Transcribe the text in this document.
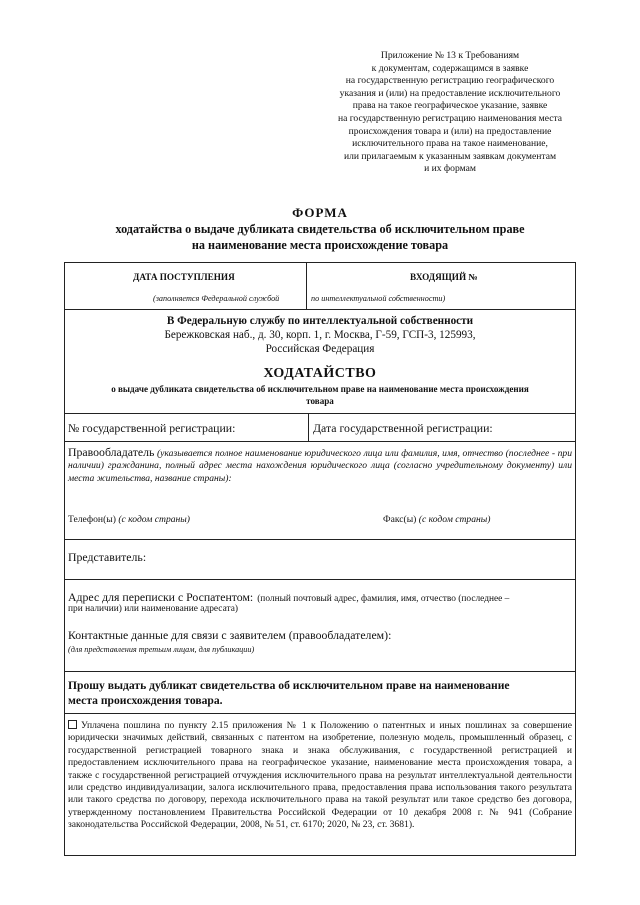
Приложение № 13 к Требованиям
к документам, содержащимся в заявке
на государственную регистрацию географического
указания и (или) на предоставление исключительного
права на такое географическое указание, заявке
на государственную регистрацию наименования места
происхождения товара и (или) на предоставление
исключительного права на такое наименование,
или прилагаемым к указанным заявкам документам
и их формам
ФОРМА
ходатайства о выдаче дубликата свидетельства об исключительном праве
на наименование места происхождение товара
ДАТА ПОСТУПЛЕНИЯ	ВХОДЯЩИЙ №
(заполняется Федеральной службой	по интеллектуальной собственности)
В Федеральную службу по интеллектуальной собственности
Бережковская наб., д. 30, корп. 1, г. Москва, Г-59, ГСП-3, 125993,
Российская Федерация
ХОДАТАЙСТВО
о выдаче дубликата свидетельства об исключительном праве на наименование места происхождения
товара
№ государственной регистрации:	Дата государственной регистрации:
Правообладатель (указывается полное наименование юридического лица или фамилия, имя, отчество (последнее - при наличии) гражданина, полный адрес места нахождения юридического лица (согласно учредительному документу) или места жительства, название страны):
Телефон(ы) (с кодом страны)	Факс(ы) (с кодом страны)
Представитель:
Адрес для переписки с Роспатентом: (полный почтовый адрес, фамилия, имя, отчество (последнее –
при наличии) или наименование адресата)
Контактные данные для связи с заявителем (правообладателем):
(для представления третьим лицам, для публикации)
Прошу выдать дубликат свидетельства об исключительном праве на наименование
места происхождения товара.
Уплачена пошлина по пункту 2.15 приложения № 1 к Положению о патентных и иных пошлинах за совершение юридически значимых действий, связанных с патентом на изобретение, полезную модель, промышленный образец, с государственной регистрацией товарного знака и знака обслуживания, с государственной регистрацией и предоставлением исключительного права на географическое указание, наименование места происхождения товара, а также с государственной регистрацией отчуждения исключительного права на результат интеллектуальной деятельности или средство индивидуализации, залога исключительного права, предоставления права использования такого результата или такого средства по договору, перехода исключительного права на такой результат или такое средство без договора, утвержденному постановлением Правительства Российской Федерации от 10 декабря 2008 г. № 941 (Собрание законодательства Российской Федерации, 2008, № 51, ст. 6170; 2020, № 23, ст. 3681).
